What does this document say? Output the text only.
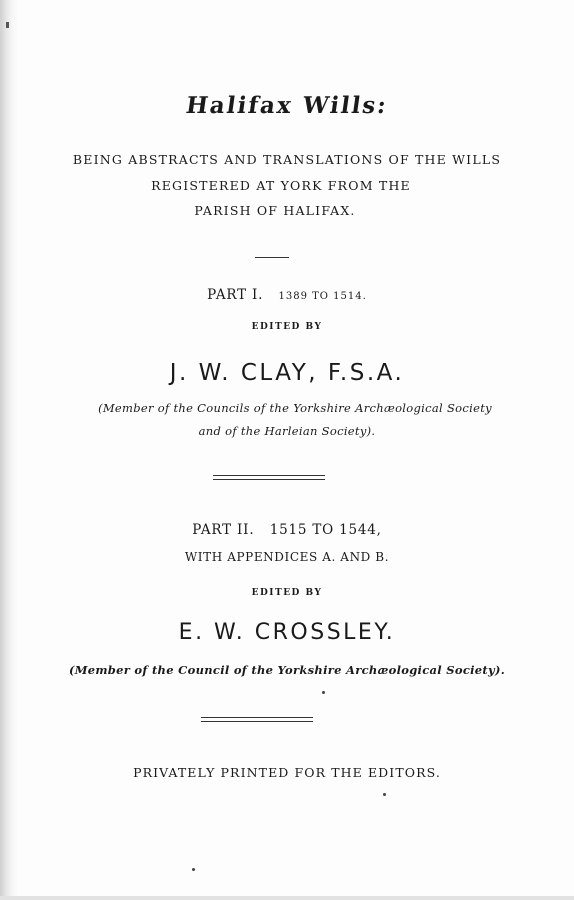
Halifax Wills:
BEING ABSTRACTS AND TRANSLATIONS OF THE WILLS
REGISTERED AT YORK FROM THE
PARISH OF HALIFAX.
PART I. 1389 TO 1514.
EDITED BY
J. W. CLAY, F.S.A.
(Member of the Councils of the Yorkshire Archæological Society
and of the Harleian Society).
PART II. 1515 TO 1544,
WITH APPENDICES A. AND B.
EDITED BY
E. W. CROSSLEY.
(Member of the Council of the Yorkshire Archæological Society).
PRIVATELY PRINTED FOR THE EDITORS.
